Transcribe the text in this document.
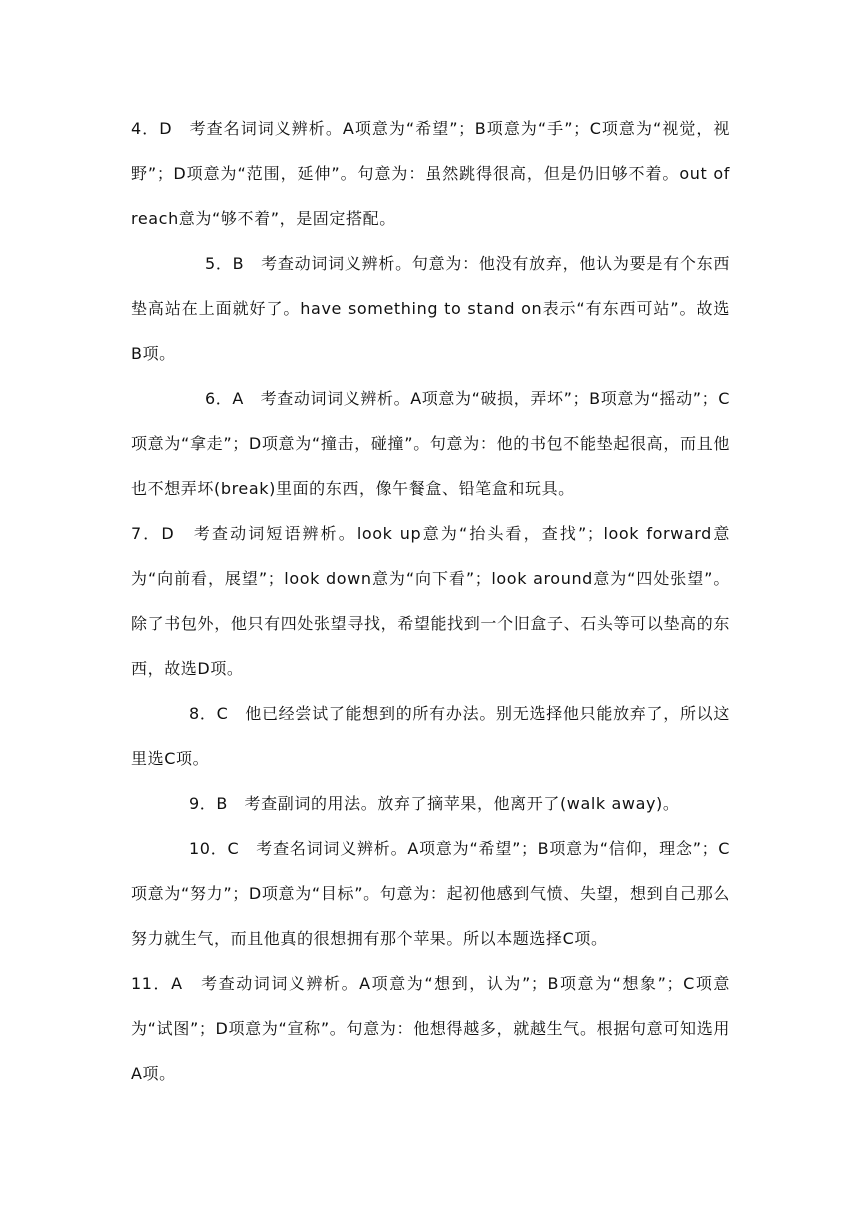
4．D　考查名词词义辨析。A项意为“希望”；B项意为“手”；C项意为“视觉，视野”；D项意为“范围，延伸”。句意为：虽然跳得很高，但是仍旧够不着。out of reach意为“够不着”，是固定搭配。

5．B　考查动词词义辨析。句意为：他没有放弃，他认为要是有个东西垫高站在上面就好了。have something to stand on表示“有东西可站”。故选B项。

6．A　考查动词词义辨析。A项意为“破损，弄坏”；B项意为“摇动”；C项意为“拿走”；D项意为“撞击，碰撞”。句意为：他的书包不能垫起很高，而且他也不想弄坏(break)里面的东西，像午餐盒、铅笔盒和玩具。

7．D　考查动词短语辨析。look up意为“抬头看，查找”；look forward意为“向前看，展望”；look down意为“向下看”；look around意为“四处张望”。除了书包外，他只有四处张望寻找，希望能找到一个旧盒子、石头等可以垫高的东西，故选D项。

8．C　他已经尝试了能想到的所有办法。别无选择他只能放弃了，所以这里选C项。

9．B　考查副词的用法。放弃了摘苹果，他离开了(walk away)。

10．C　考查名词词义辨析。A项意为“希望”；B项意为“信仰，理念”；C项意为“努力”；D项意为“目标”。句意为：起初他感到气愤、失望，想到自己那么努力就生气，而且他真的很想拥有那个苹果。所以本题选择C项。

11．A　考查动词词义辨析。A项意为“想到，认为”；B项意为“想象”；C项意为“试图”；D项意为“宣称”。句意为：他想得越多，就越生气。根据句意可知选用A项。
